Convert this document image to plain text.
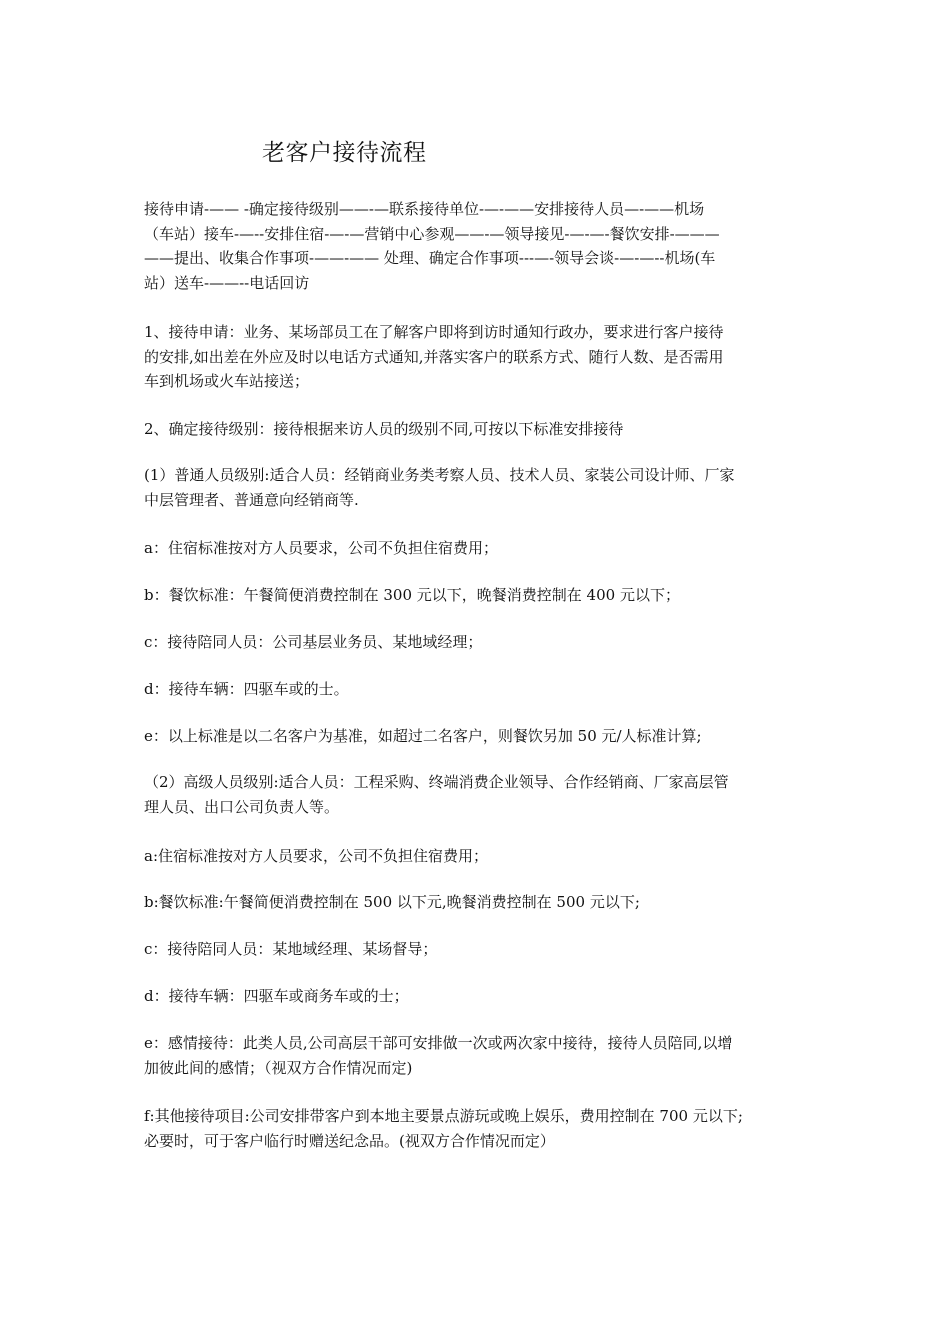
老客户接待流程
接待申请-—— -确定接待级别——-—联系接待单位-—-——安排接待人员—-——机场
（车站）接车-—--安排住宿-—-—营销中心参观——-—领导接见-—-—-餐饮安排-———
——提出、收集合作事项-——-—— 处理、确定合作事项---—-领导会谈-—-—--机场(车
站）送车-——--电话回访
1、接待申请：业务、某场部员工在了解客户即将到访时通知行政办，要求进行客户接待
的安排,如出差在外应及时以电话方式通知,并落实客户的联系方式、随行人数、是否需用
车到机场或火车站接送；
2、确定接待级别：接待根据来访人员的级别不同,可按以下标准安排接待
(1）普通人员级别:适合人员：经销商业务类考察人员、技术人员、家装公司设计师、厂家
中层管理者、普通意向经销商等.
a：住宿标准按对方人员要求，公司不负担住宿费用；
b：餐饮标准：午餐简便消费控制在 300 元以下，晚餐消费控制在 400 元以下；
c：接待陪同人员：公司基层业务员、某地域经理；
d：接待车辆：四驱车或的士。
e：以上标准是以二名客户为基准，如超过二名客户，则餐饮另加 50 元/人标准计算;
（2）高级人员级别:适合人员：工程采购、终端消费企业领导、合作经销商、厂家高层管
理人员、出口公司负责人等。
a:住宿标准按对方人员要求，公司不负担住宿费用；
b:餐饮标准:午餐简便消费控制在 500 以下元,晚餐消费控制在 500 元以下;
c：接待陪同人员：某地域经理、某场督导；
d：接待车辆：四驱车或商务车或的士；
e：感情接待：此类人员,公司高层干部可安排做一次或两次家中接待，接待人员陪同,以增
加彼此间的感情；（视双方合作情况而定)
f:其他接待项目:公司安排带客户到本地主要景点游玩或晚上娱乐，费用控制在 700 元以下;
必要时，可于客户临行时赠送纪念品。(视双方合作情况而定）
